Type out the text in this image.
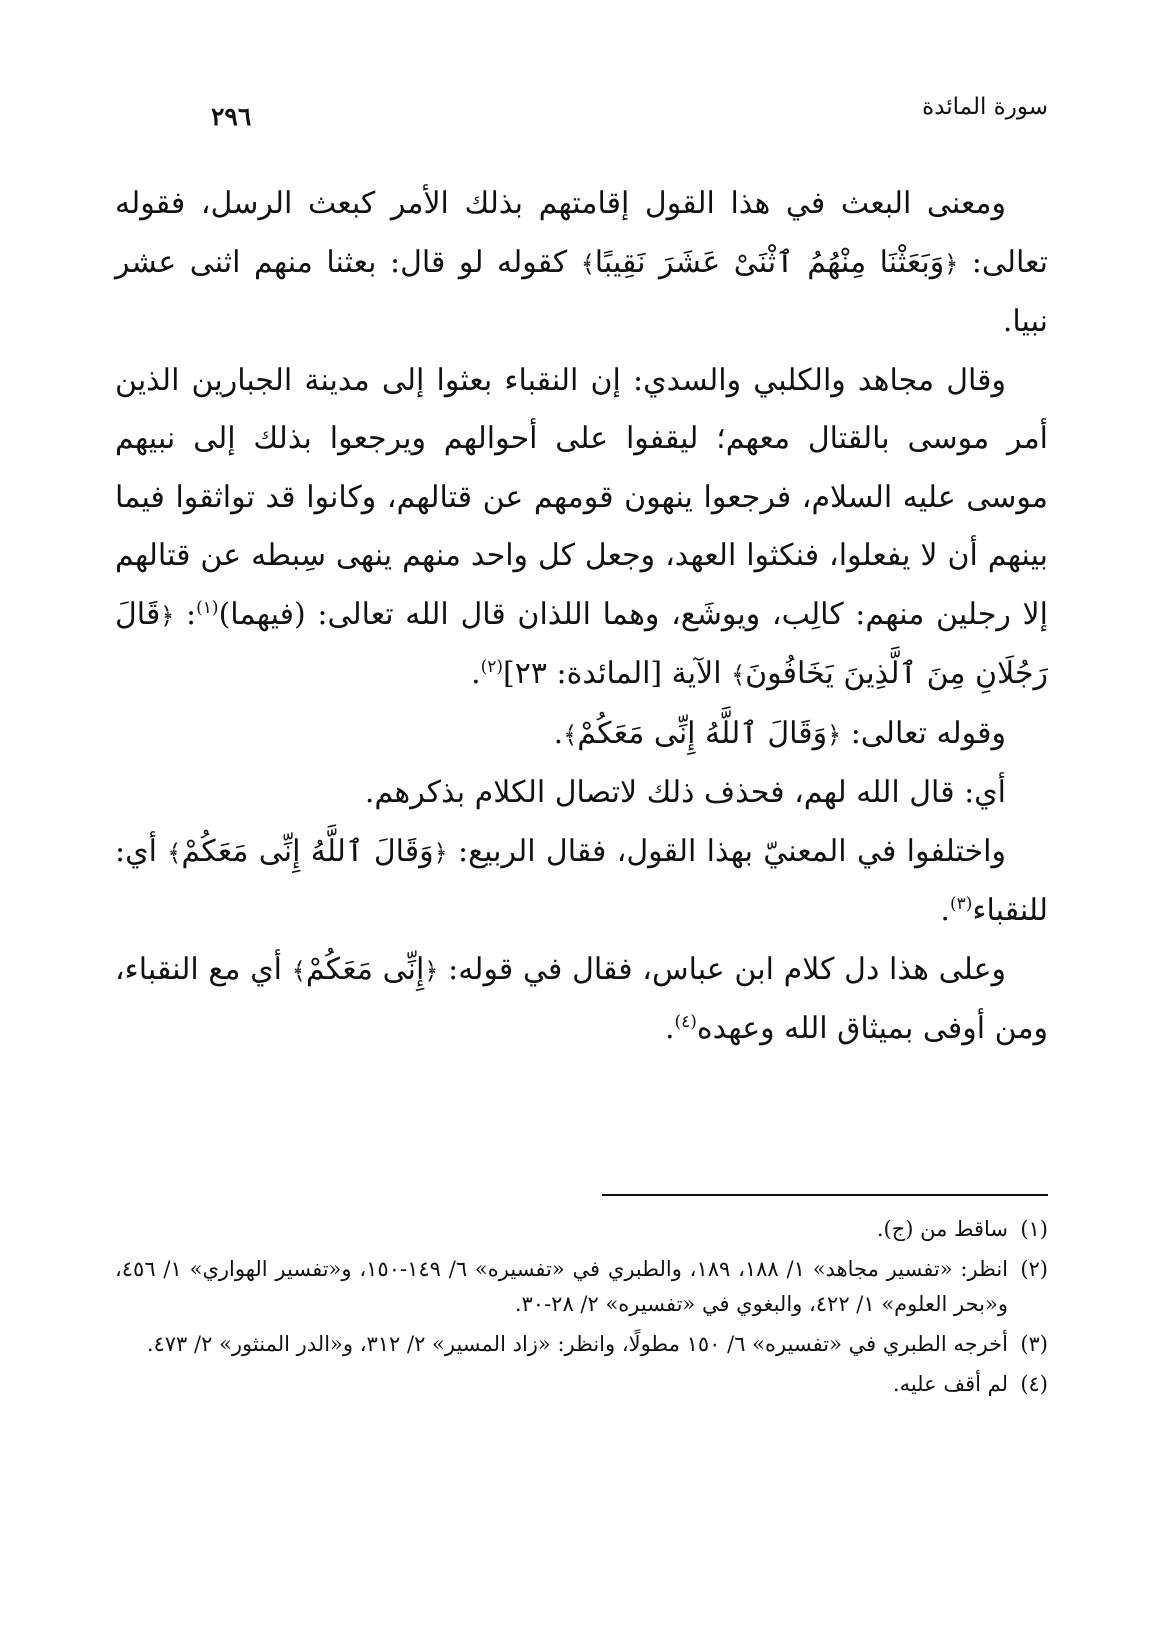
سورة المائدة
٢٩٦

ومعنى البعث في هذا القول إقامتهم بذلك الأمر كبعث الرسل، فقوله تعالى: ﴿وَبَعَثْنَا مِنْهُمُ ٱثْنَىْ عَشَرَ نَقِيبًا﴾ كقوله لو قال: بعثنا منهم اثنى عشر نبيا.

وقال مجاهد والكلبي والسدي: إن النقباء بعثوا إلى مدينة الجبارين الذين أمر موسى بالقتال معهم؛ ليقفوا على أحوالهم ويرجعوا بذلك إلى نبيهم موسى عليه السلام، فرجعوا ينهون قومهم عن قتالهم، وكانوا قد تواثقوا فيما بينهم أن لا يفعلوا، فنكثوا العهد، وجعل كل واحد منهم ينهى سِبطه عن قتالهم إلا رجلين منهم: كالِب، ويوشَع، وهما اللذان قال الله تعالى: (فيهما)$^{(١)}$: ﴿قَالَ رَجُلَانِ مِنَ ٱلَّذِينَ يَخَافُونَ﴾ الآية [المائدة: ٢٣]$^{(٢)}$.

وقوله تعالى: ﴿وَقَالَ ٱللَّهُ إِنِّى مَعَكُمْ﴾.

أي: قال الله لهم، فحذف ذلك لاتصال الكلام بذكرهم.

واختلفوا في المعنيّ بهذا القول، فقال الربيع: ﴿وَقَالَ ٱللَّهُ إِنِّى مَعَكُمْ﴾ أي: للنقباء$^{(٣)}$.

وعلى هذا دل كلام ابن عباس، فقال في قوله: ﴿إِنِّى مَعَكُمْ﴾ أي مع النقباء، ومن أوفى بميثاق الله وعهده$^{(٤)}$.

(١)
ساقط من (ج).
(٢)
انظر: «تفسير مجاهد» ١/ ١٨٨، ١٨٩، والطبري في «تفسيره» ٦/ ١٤٩-١٥٠، و«تفسير الهواري» ١/ ٤٥٦، و«بحر العلوم» ١/ ٤٢٢، والبغوي في «تفسيره» ٢/ ٢٨-٣٠.
(٣)
أخرجه الطبري في «تفسيره» ٦/ ١٥٠ مطولًا، وانظر: «زاد المسير» ٢/ ٣١٢، و«الدر المنثور» ٢/ ٤٧٣.
(٤)
لم أقف عليه.
